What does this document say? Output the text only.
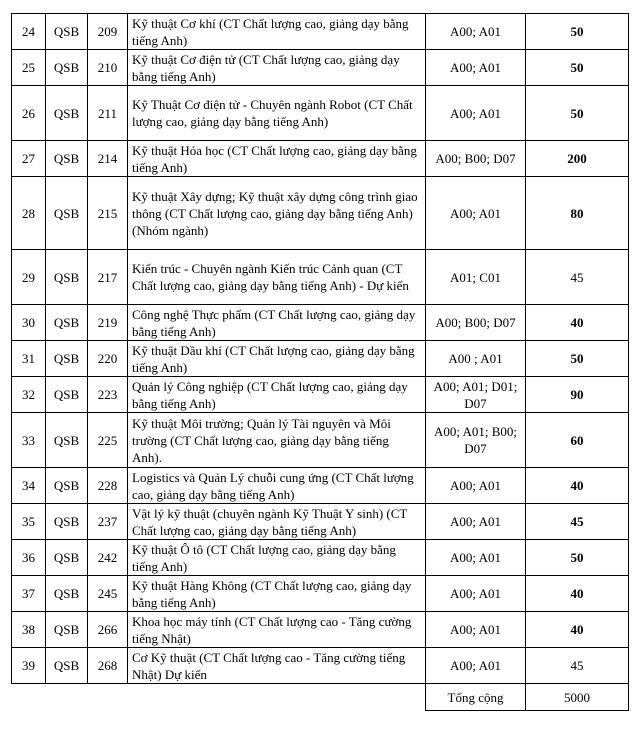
24	QSB	209	Kỹ thuật Cơ khí (CT Chất lượng cao, giảng dạy bằng tiếng Anh)	A00; A01	50
25	QSB	210	Kỹ thuật Cơ điện tử (CT Chất lượng cao, giảng dạy bằng tiếng Anh)	A00; A01	50
26	QSB	211	Kỹ Thuật Cơ điện tử - Chuyên ngành Robot (CT Chất lượng cao, giảng dạy bằng tiếng Anh)	A00; A01	50
27	QSB	214	Kỹ thuật Hóa học (CT Chất lượng cao, giảng dạy bằng tiếng Anh)	A00; B00; D07	200
28	QSB	215	Kỹ thuật Xây dựng; Kỹ thuật xây dựng công trình giao thông (CT Chất lượng cao, giảng dạy bằng tiếng Anh) (Nhóm ngành)	A00; A01	80
29	QSB	217	Kiến trúc - Chuyên ngành Kiến trúc Cảnh quan (CT Chất lượng cao, giảng dạy bằng tiếng Anh) - Dự kiến	A01; C01	45
30	QSB	219	Công nghệ Thực phẩm (CT Chất lượng cao, giảng dạy bằng tiếng Anh)	A00; B00; D07	40
31	QSB	220	Kỹ thuật Dầu khí (CT Chất lượng cao, giảng dạy bằng tiếng Anh)	A00 ; A01	50
32	QSB	223	Quản lý Công nghiệp (CT Chất lượng cao, giảng dạy bằng tiếng Anh)	A00; A01; D01; D07	90
33	QSB	225	Kỹ thuật Môi trường; Quản lý Tài nguyên và Môi trường (CT Chất lượng cao, giảng dạy bằng tiếng Anh).	A00; A01; B00; D07	60
34	QSB	228	Logistics và Quản Lý chuỗi cung ứng (CT Chất lượng cao, giảng dạy bằng tiếng Anh)	A00; A01	40
35	QSB	237	Vật lý kỹ thuật (chuyên ngành Kỹ Thuật Y sinh) (CT Chất lượng cao, giảng dạy bằng tiếng Anh)	A00; A01	45
36	QSB	242	Kỹ thuật Ô tô (CT Chất lượng cao, giảng dạy bằng tiếng Anh)	A00; A01	50
37	QSB	245	Kỹ thuật Hàng Không (CT Chất lượng cao, giảng dạy bằng tiếng Anh)	A00; A01	40
38	QSB	266	Khoa học máy tính (CT Chất lượng cao - Tăng cường tiếng Nhật)	A00; A01	40
39	QSB	268	Cơ Kỹ thuật (CT Chất lượng cao - Tăng cường tiếng Nhật) Dự kiến	A00; A01	45
				Tổng cộng	5000
